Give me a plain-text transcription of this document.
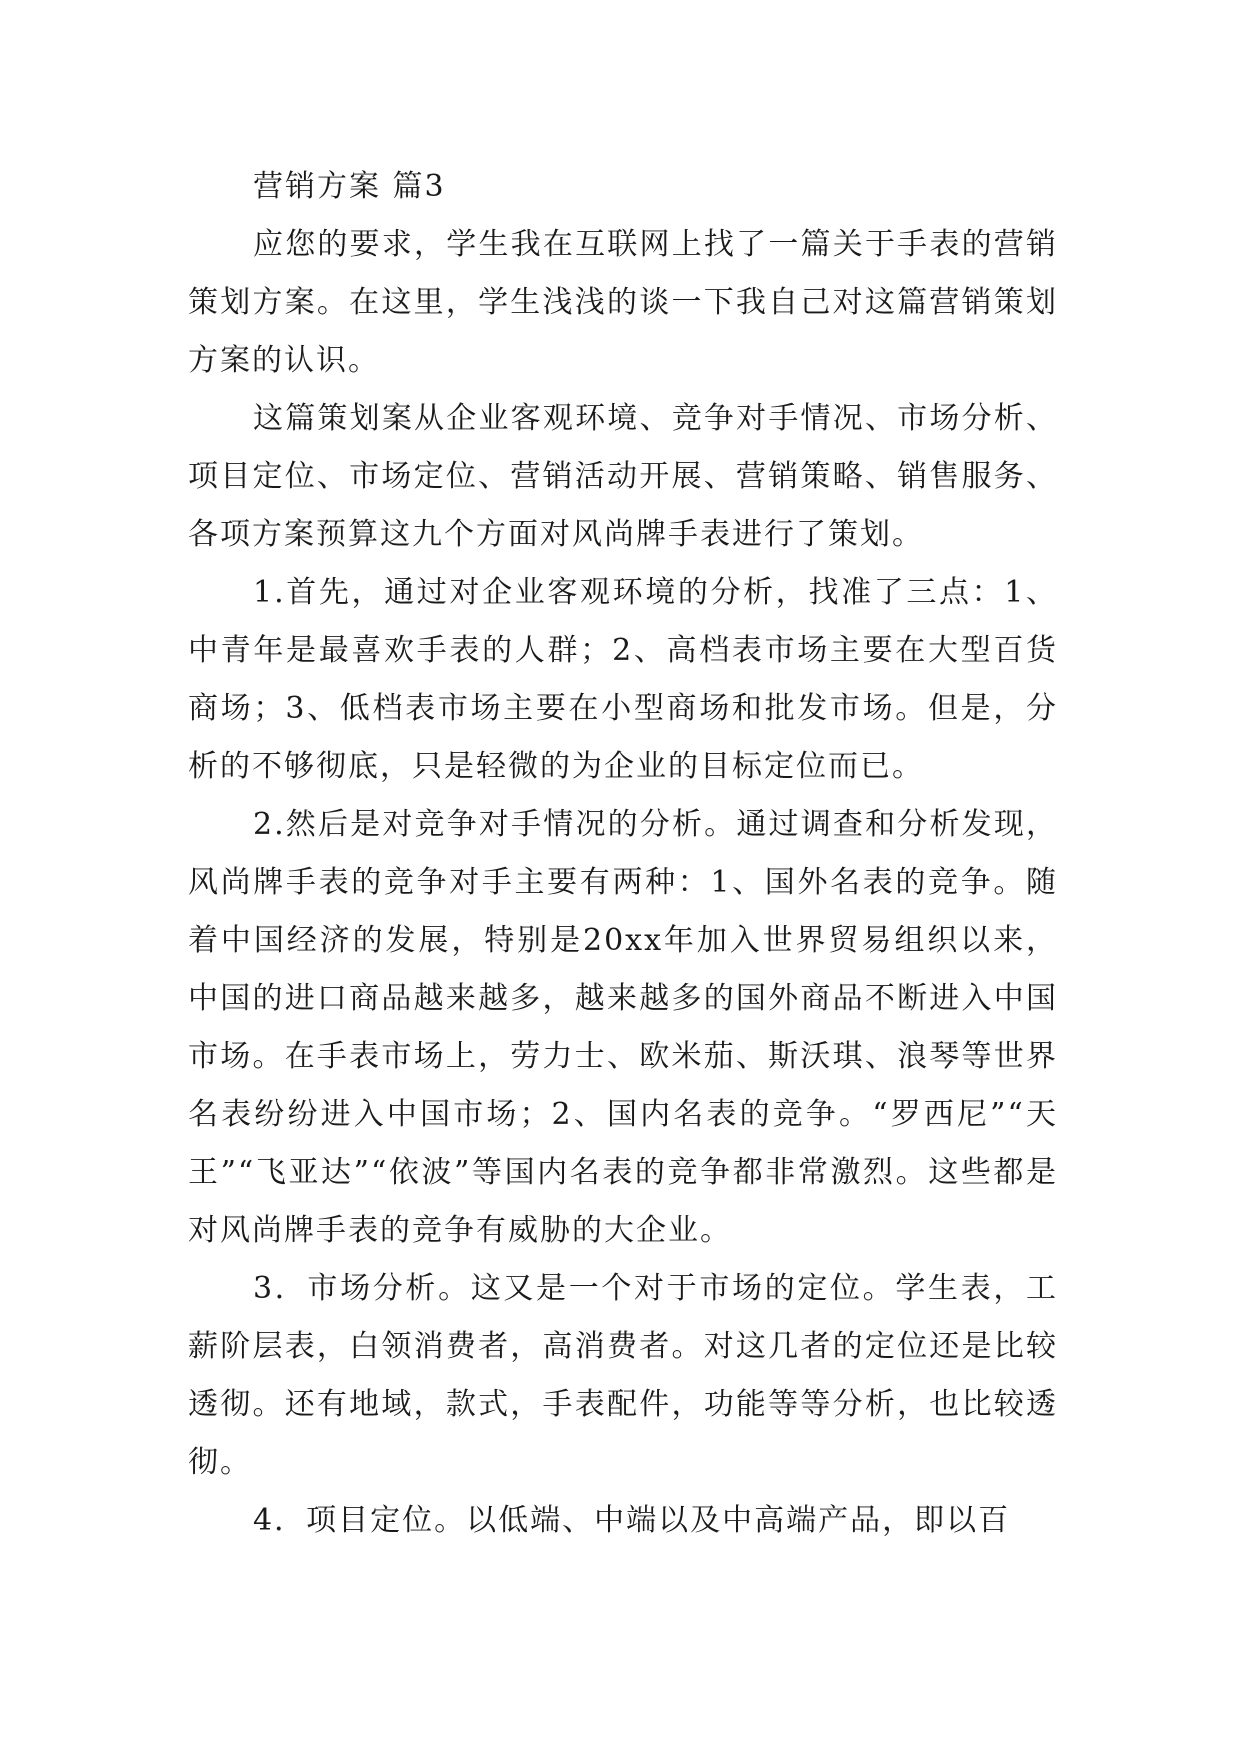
营销方案 篇3

应您的要求，学生我在互联网上找了一篇关于手表的营销策划方案。在这里，学生浅浅的谈一下我自己对这篇营销策划方案的认识。

这篇策划案从企业客观环境、竞争对手情况、市场分析、项目定位、市场定位、营销活动开展、营销策略、销售服务、各项方案预算这九个方面对风尚牌手表进行了策划。

1.首先，通过对企业客观环境的分析，找准了三点：1、中青年是最喜欢手表的人群；2、高档表市场主要在大型百货商场；3、低档表市场主要在小型商场和批发市场。但是，分析的不够彻底，只是轻微的为企业的目标定位而已。

2.然后是对竞争对手情况的分析。通过调查和分析发现，风尚牌手表的竞争对手主要有两种：1、国外名表的竞争。随着中国经济的发展，特别是20xx年加入世界贸易组织以来，中国的进口商品越来越多，越来越多的国外商品不断进入中国市场。在手表市场上，劳力士、欧米茄、斯沃琪、浪琴等世界名表纷纷进入中国市场；2、国内名表的竞争。“罗西尼”“天王”“飞亚达”“依波”等国内名表的竞争都非常激烈。这些都是对风尚牌手表的竞争有威胁的大企业。

3．市场分析。这又是一个对于市场的定位。学生表，工薪阶层表，白领消费者，高消费者。对这几者的定位还是比较透彻。还有地域，款式，手表配件，功能等等分析，也比较透彻。

4．项目定位。以低端、中端以及中高端产品，即以百
